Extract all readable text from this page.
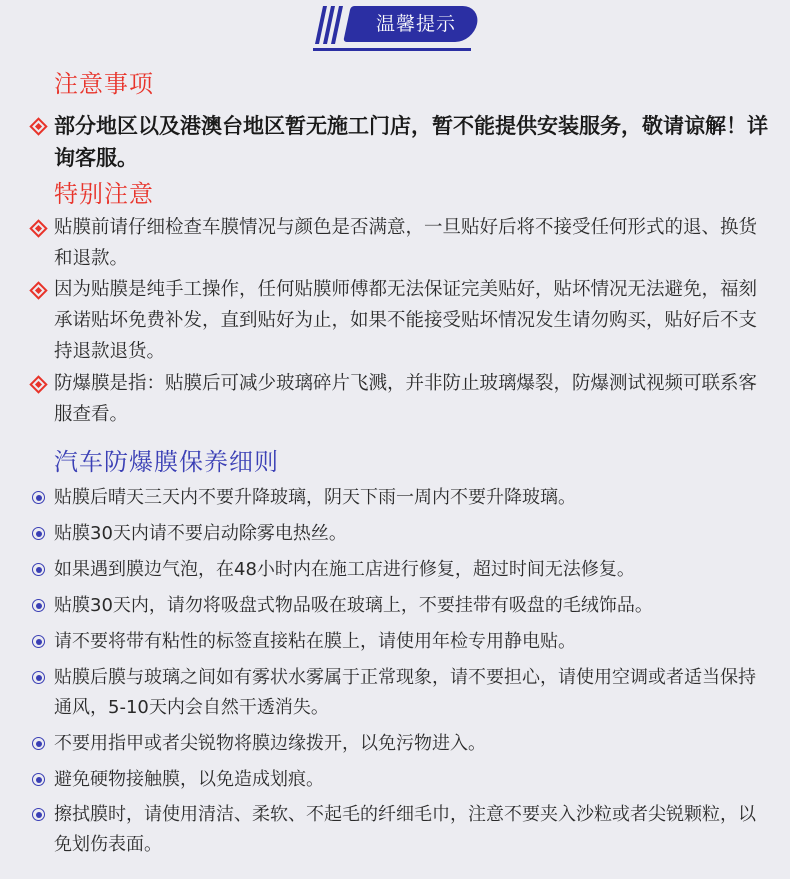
温馨提示
注意事项
部分地区以及港澳台地区暂无施工门店，暂不能提供安装服务，敬请谅解！详询客服。
特别注意
贴膜前请仔细检查车膜情况与颜色是否满意，一旦贴好后将不接受任何形式的退、换货和退款。
因为贴膜是纯手工操作，任何贴膜师傅都无法保证完美贴好，贴坏情况无法避免，福刻承诺贴坏免费补发，直到贴好为止，如果不能接受贴坏情况发生请勿购买，贴好后不支持退款退货。
防爆膜是指：贴膜后可减少玻璃碎片飞溅，并非防止玻璃爆裂，防爆测试视频可联系客服查看。
汽车防爆膜保养细则
贴膜后晴天三天内不要升降玻璃，阴天下雨一周内不要升降玻璃。
贴膜30天内请不要启动除雾电热丝。
如果遇到膜边气泡，在48小时内在施工店进行修复，超过时间无法修复。
贴膜30天内，请勿将吸盘式物品吸在玻璃上，不要挂带有吸盘的毛绒饰品。
请不要将带有粘性的标签直接粘在膜上，请使用年检专用静电贴。
贴膜后膜与玻璃之间如有雾状水雾属于正常现象，请不要担心，请使用空调或者适当保持通风，5-10天内会自然干透消失。
不要用指甲或者尖锐物将膜边缘拨开，以免污物进入。
避免硬物接触膜，以免造成划痕。
擦拭膜时，请使用清洁、柔软、不起毛的纤细毛巾，注意不要夹入沙粒或者尖锐颗粒，以免划伤表面。
